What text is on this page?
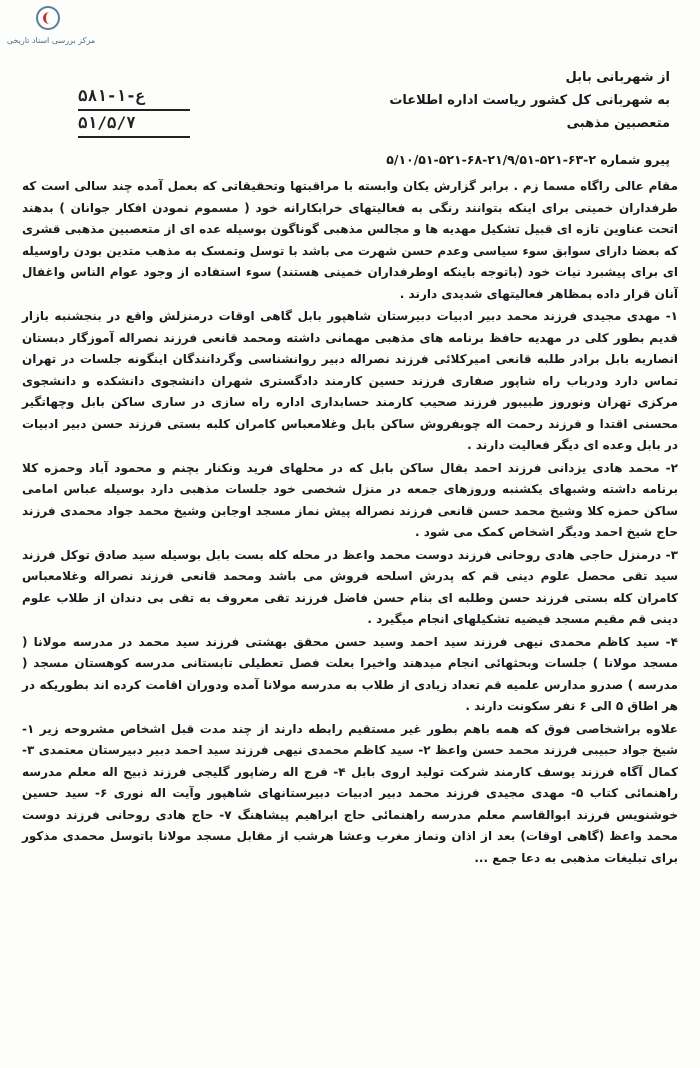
مرکز بررسی اسناد تاریخی
۵۸۱-ع-۱
۵۱/۵/۷
از شهربانی بابل
به شهربانی کل کشور ریاست اداره اطلاعات
متعصبین مذهبی
پیرو شماره ۲-۶۳-۵۲۱-۲۱/۹/۵۱-۶۸-۵۲۱-۵/۱۰/۵۱

مقام عالی راگاه مسما زم . برابر گزارش یکان وابسته با مراقبتها وتحقیقاتی که بعمل آمده چند سالی است که طرفداران خمینی برای اینکه بتوانند رنگی به فعالیتهای خرابکارانه خود ( مسموم نمودن افکار جوانان ) بدهند اتحت عناوین تازه ای قبیل تشکیل مهدیه ها و مجالس مذهبی گوناگون بوسیله عده ای از متعصبین مذهبی قشری که بعضا دارای سوابق سوء سیاسی وعدم حسن شهرت می باشد با توسل وتمسک به مذهب متدین بودن راوسیله ای برای پیشبرد نیات خود (باتوجه باینکه اوطرفداران خمینی هستند) سوء استفاده از وجود عوام الناس واغفال آنان قرار داده بمظاهر فعالیتهای شدیدی دارند .

۱- مهدی مجیدی فرزند محمد دبیر ادبیات دبیرستان شاهپور بابل گاهی اوقات درمنزلش واقع در بنجشنبه بازار قدیم بطور کلی در مهدیه حافظ برنامه های مذهبی مهمانی داشته ومحمد قانعی فرزند نصراله آموزگار دبستان انصاریه بابل برادر طلبه قانعی امیرکلائی فرزند نصراله دبیر روانشناسی وگردانندگان اینگونه جلسات در تهران تماس دارد ودرباب راه شاپور صفاری فرزند حسین کارمند دادگستری شهران دانشجوی دانشکده و دانشجوی مرکزی تهران ونوروز طبیبور فرزند صحیب کارمند حسابداری اداره راه سازی در ساری ساکن بابل وچهاتگیر محسنی اقتدا و فرزند رحمت اله چوبفروش ساکن بابل وغلامعباس کامران کلبه بستی فرزند حسن دبیر ادبیات در بابل وعده ای دیگر فعالیت دارند .

۲- محمد هادی یزدانی فرزند احمد بقال ساکن بابل که در محلهای فرید ونکنار بچنم و محمود آباد وحمزه کلا برنامه داشته وشبهای یکشنبه وروزهای جمعه در منزل شخصی خود جلسات مذهبی دارد بوسیله عباس امامی ساکن حمزه کلا وشیخ محمد حسن قانعی فرزند نصراله پیش نماز مسجد اوجابن وشیخ محمد جواد محمدی فرزند حاج شیخ احمد ودیگر اشخاص کمک می شود .

۳- درمنزل حاجی هادی روحانی فرزند دوست محمد واعظ در محله کله بست بابل بوسیله سید صادق توکل فرزند سید تقی محصل علوم دینی قم که پدرش اسلحه فروش می باشد ومحمد قانعی فرزند نصراله وغلامعباس کامران کله بستی فرزند حسن وطلبه ای بنام حسن فاضل فرزند تقی معروف به تقی بی دندان از طلاب علوم دینی قم مقیم مسجد فیضیه تشکیلهای انجام میگیرد .

۴- سید کاظم محمدی نیهی فرزند سید احمد وسید حسن محقق بهشتی فرزند سید محمد در مدرسه مولانا ( مسجد مولانا ) جلسات وبحثهائی انجام میدهند واخیرا بعلت فصل تعطیلی تابستانی مدرسه کوهستان مسجد ( مدرسه ) صدرو مدارس علمیه قم تعداد زیادی از طلاب به مدرسه مولانا آمده ودوران اقامت کرده اند بطوریکه در هر اطاق ۵ الی ۶ نفر سکونت دارند .

علاوه براشخاصی فوق که همه باهم بطور غیر مستقیم رابطه دارند از چند مدت قبل اشخاص مشروحه زیر ۱- شیخ جواد حبیبی فرزند محمد حسن واعظ ۲- سید کاظم محمدی نیهی فرزند سید احمد دبیر دبیرستان معتمدی ۳- کمال آگاه فرزند یوسف کارمند شرکت تولید اروی بابل ۴- فرج اله رضاپور گلیجی فرزند ذبیح اله معلم مدرسه راهنمائی کتاب ۵- مهدی مجیدی فرزند محمد دبیر ادبیات دبیرستانهای شاهپور وآیت اله نوری ۶- سید حسین خوشنویس فرزند ابوالقاسم معلم مدرسه راهنمائی حاج ابراهیم پیشاهنگ ۷- حاج هادی روحانی فرزند دوست محمد واعظ (گاهی اوقات) بعد از اذان ونماز مغرب وعشا هرشب از مقابل مسجد مولانا باتوسل محمدی مذکور برای تبلیغات مذهبی به دعا جمع ...
